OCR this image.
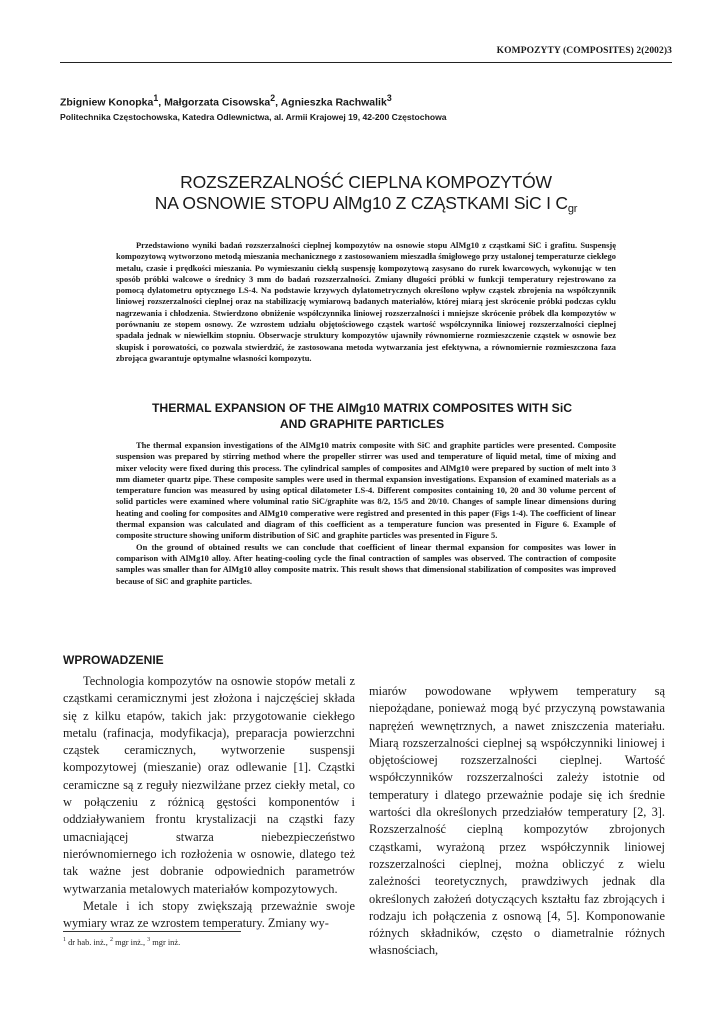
KOMPOZYTY (COMPOSITES) 2(2002)3
Zbigniew Konopka$^1$, Małgorzata Cisowska$^2$, Agnieszka Rachwalik$^3$
Politechnika Częstochowska, Katedra Odlewnictwa, al. Armii Krajowej 19, 42-200 Częstochowa
ROZSZERZALNOŚĆ CIEPLNA KOMPOZYTÓW
NA OSNOWIE STOPU AlMg10 Z CZĄSTKAMI SiC I $C_{gr}$

Przedstawiono wyniki badań rozszerzalności cieplnej kompozytów na osnowie stopu AlMg10 z cząstkami SiC i grafitu. Suspensję kompozytową wytworzono metodą mieszania mechanicznego z zastosowaniem mieszadła śmigłowego przy ustalonej temperaturze ciekłego metalu, czasie i prędkości mieszania. Po wymieszaniu ciekłą suspensję kompozytową zasysano do rurek kwarcowych, wykonując w ten sposób próbki walcowe o średnicy 3 mm do badań rozszerzalności. Zmiany długości próbki w funkcji temperatury rejestrowano za pomocą dylatometru optycznego LS-4. Na podstawie krzywych dylatometrycznych określono wpływ cząstek zbrojenia na współczynnik liniowej rozszerzalności cieplnej oraz na stabilizację wymiarową badanych materiałów, której miarą jest skrócenie próbki podczas cyklu nagrzewania i chłodzenia. Stwierdzono obniżenie współczynnika liniowej rozszerzalności i mniejsze skrócenie próbek dla kompozytów w porównaniu ze stopem osnowy. Ze wzrostem udziału objętościowego cząstek wartość współczynnika liniowej rozszerzalności cieplnej spadała jednak w niewielkim stopniu. Obserwacje struktury kompozytów ujawniły równomierne rozmieszczenie cząstek w osnowie bez skupisk i porowatości, co pozwala stwierdzić, że zastosowana metoda wytwarzania jest efektywna, a równomiernie rozmieszczona faza zbrojąca gwarantuje optymalne własności kompozytu.

THERMAL EXPANSION OF THE AlMg10 MATRIX COMPOSITES WITH SiC
AND GRAPHITE PARTICLES

The thermal expansion investigations of the AlMg10 matrix composite with SiC and graphite particles were presented. Composite suspension was prepared by stirring method where the propeller stirrer was used and temperature of liquid metal, time of mixing and mixer velocity were fixed during this process. The cylindrical samples of composites and AlMg10 were prepared by suction of melt into 3 mm diameter quartz pipe. These composite samples were used in thermal expansion investigations. Expansion of examined materials as a temperature funcion was measured by using optical dilatometer LS-4. Different composites containing 10, 20 and 30 volume percent of solid particles were examined where voluminal ratio SiC/graphite was 8/2, 15/5 and 20/10. Changes of sample linear dimensions during heating and cooling for composites and AlMg10 comperative were registred and presented in this paper (Figs 1-4). The coefficient of linear thermal expansion was calculated and diagram of this coefficient as a temperature funcion was presented in Figure 6. Example of composite structure showing uniform distribution of SiC and graphite particles was presented in Figure 5.

On the ground of obtained results we can conclude that coefficient of linear thermal expansion for composites was lower in comparison with AlMg10 alloy. After heating-cooling cycle the final contraction of samples was observed. The contraction of composite samples was smaller than for AlMg10 alloy composite matrix. This result shows that dimensional stabilization of composites was improved because of SiC and graphite particles.

WPROWADZENIE

Technologia kompozytów na osnowie stopów metali z cząstkami ceramicznymi jest złożona i najczęściej składa się z kilku etapów, takich jak: przygotowanie ciekłego metalu (rafinacja, modyfikacja), preparacja powierzchni cząstek ceramicznych, wytworzenie suspensji kompozytowej (mieszanie) oraz odlewanie [1]. Cząstki ceramiczne są z reguły niezwilżane przez ciekły metal, co w połączeniu z różnicą gęstości komponentów i oddziaływaniem frontu krystalizacji na cząstki fazy umacniającej stwarza niebezpieczeństwo nierównomiernego ich rozłożenia w osnowie, dlatego też tak ważne jest dobranie odpowiednich parametrów wytwarzania metalowych materiałów kompozytowych.

Metale i ich stopy zwiększają przeważnie swoje wymiary wraz ze wzrostem temperatury. Zmiany wy-

miarów powodowane wpływem temperatury są niepożądane, ponieważ mogą być przyczyną powstawania naprężeń wewnętrznych, a nawet zniszczenia materiału. Miarą rozszerzalności cieplnej są współczynniki liniowej i objętościowej rozszerzalności cieplnej. Wartość współczynników rozszerzalności zależy istotnie od temperatury i dlatego przeważnie podaje się ich średnie wartości dla określonych przedziałów temperatury [2, 3]. Rozszerzalność cieplną kompozytów zbrojonych cząstkami, wyrażoną przez współczynnik liniowej rozszerzalności cieplnej, można obliczyć z wielu zależności teoretycznych, prawdziwych jednak dla określonych założeń dotyczących kształtu faz zbrojących i rodzaju ich połączenia z osnową [4, 5]. Komponowanie różnych składników, często o diametralnie różnych własnościach,

$^1$ dr hab. inż., $^2$ mgr inż., $^3$ mgr inż.
